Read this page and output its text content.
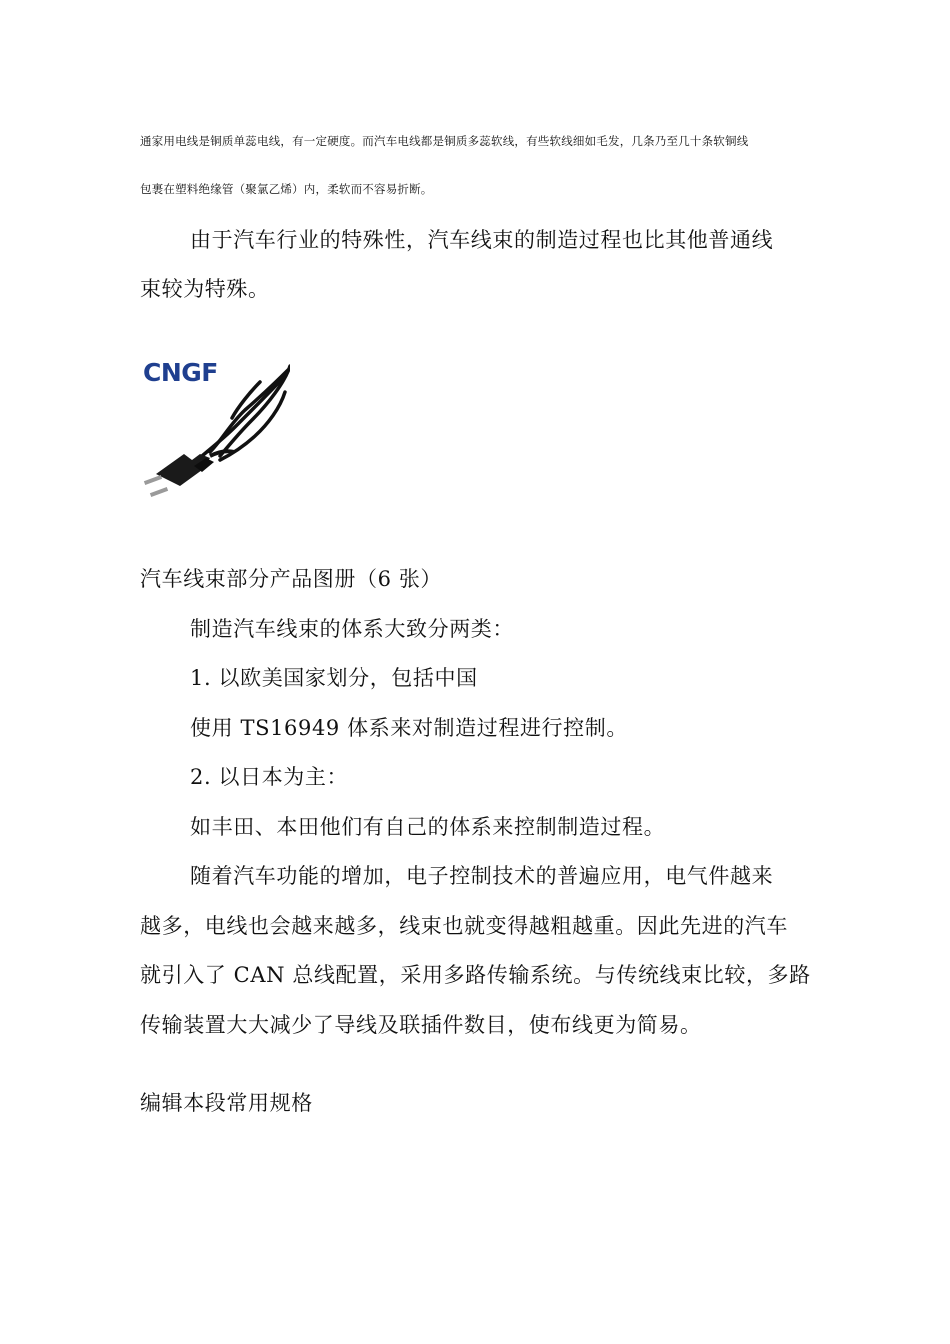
通家用电线是铜质单蕊电线，有一定硬度。而汽车电线都是铜质多蕊软线，有些软线细如毛发，几条乃至几十条软铜线
包裹在塑料绝缘管（聚氯乙烯）内，柔软而不容易折断。
由于汽车行业的特殊性，汽车线束的制造过程也比其他普通线
束较为特殊。
CNGF
汽车线束部分产品图册（6 张）
制造汽车线束的体系大致分两类：
1. 以欧美国家划分，包括中国
使用 TS16949 体系来对制造过程进行控制。
2. 以日本为主：
如丰田、本田他们有自己的体系来控制制造过程。
随着汽车功能的增加，电子控制技术的普遍应用，电气件越来
越多，电线也会越来越多，线束也就变得越粗越重。因此先进的汽车
就引入了 CAN 总线配置，采用多路传输系统。与传统线束比较，多路
传输装置大大减少了导线及联插件数目，使布线更为简易。
编辑本段常用规格
